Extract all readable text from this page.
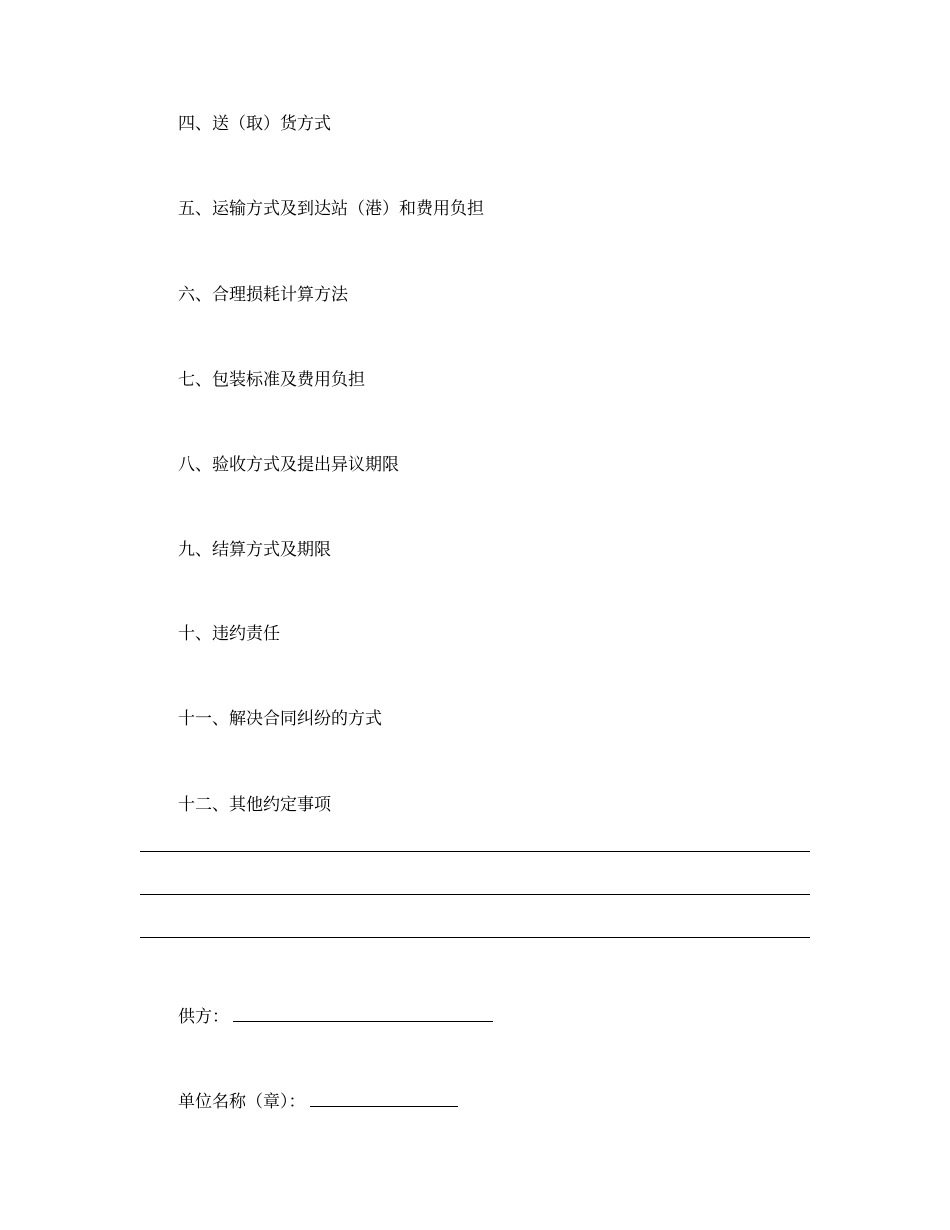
四、送（取）货方式
五、运输方式及到达站（港）和费用负担
六、合理损耗计算方法
七、包装标准及费用负担
八、验收方式及提出异议期限
九、结算方式及期限
十、违约责任
十一、解决合同纠纷的方式
十二、其他约定事项
供方：
单位名称（章）：
